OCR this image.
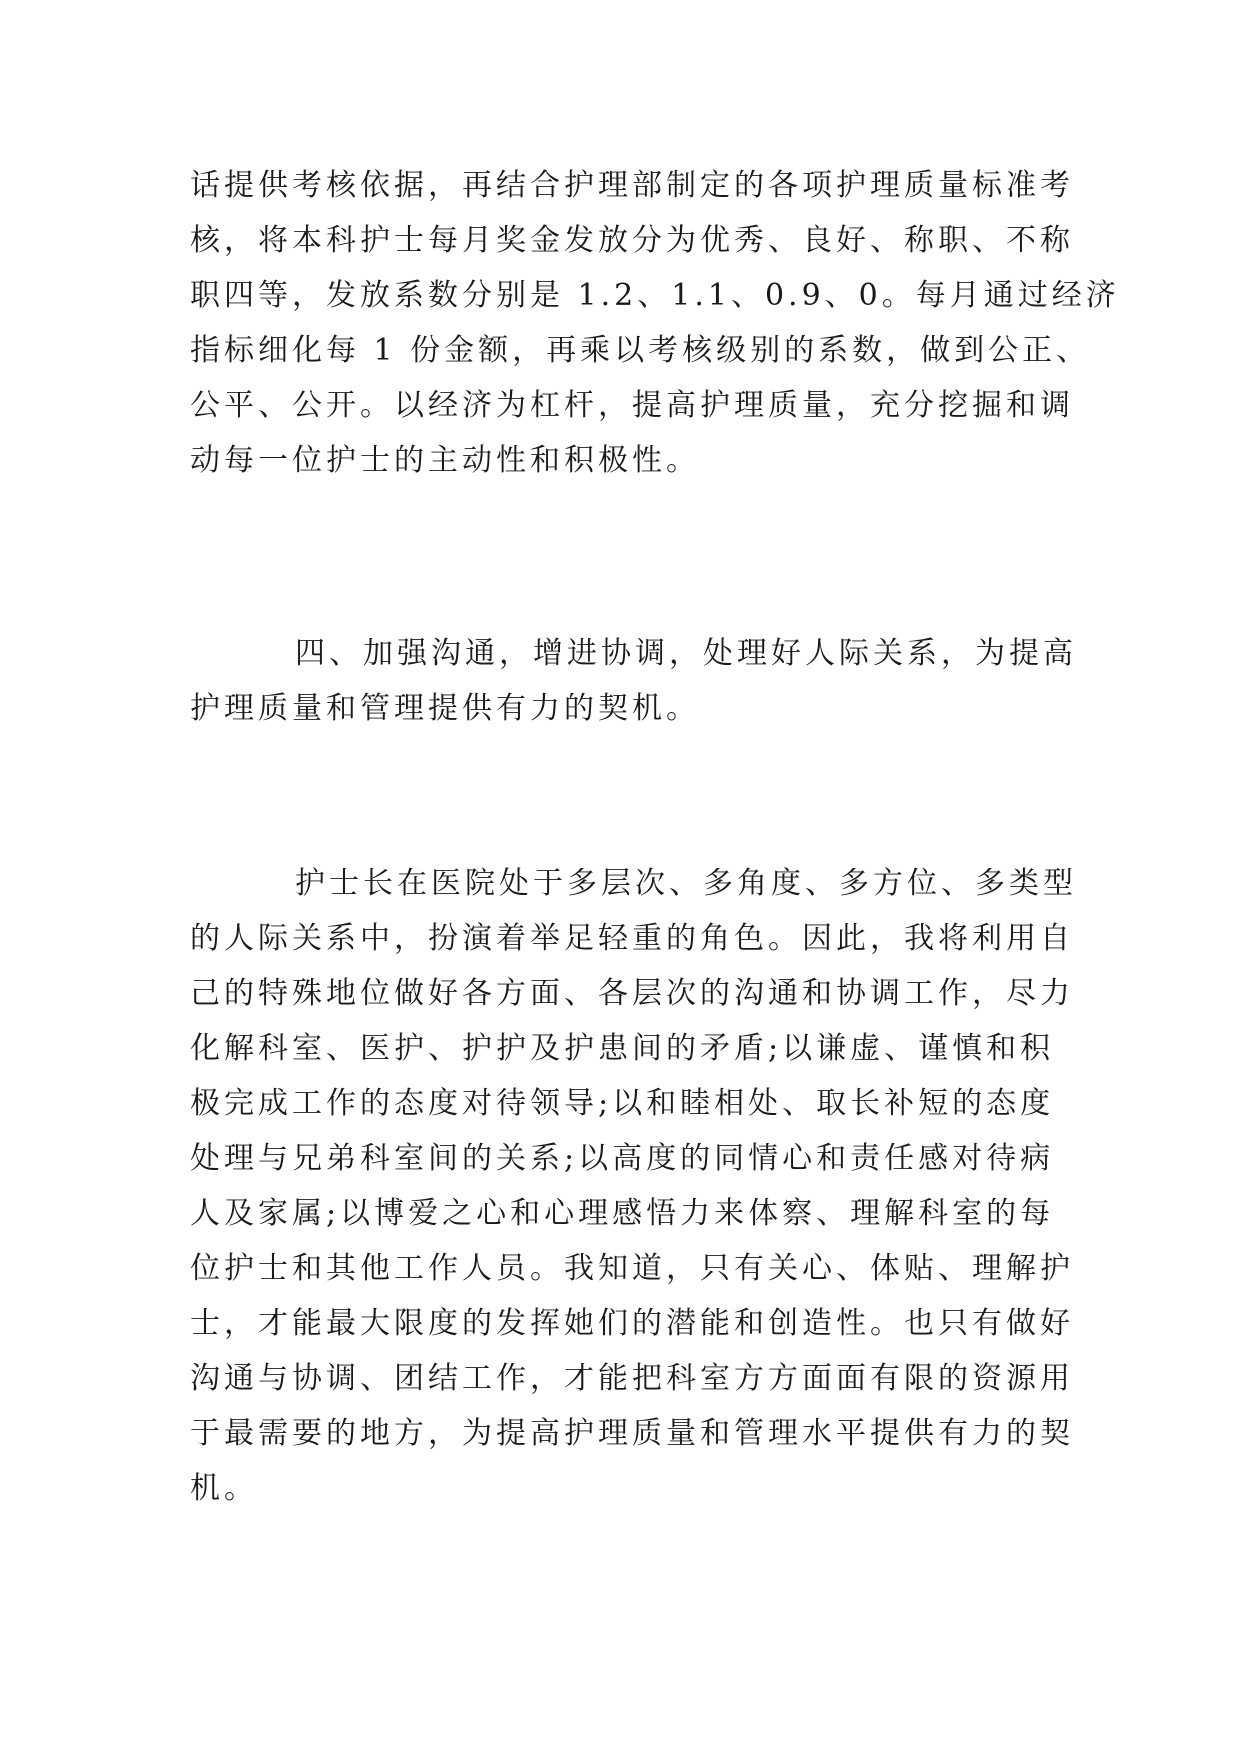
话提供考核依据，再结合护理部制定的各项护理质量标准考
核，将本科护士每月奖金发放分为优秀、良好、称职、不称
职四等，发放系数分别是 1.2、1.1、0.9、0。每月通过经济
指标细化每 1 份金额，再乘以考核级别的系数，做到公正、
公平、公开。以经济为杠杆，提高护理质量，充分挖掘和调
动每一位护士的主动性和积极性。
四、加强沟通，增进协调，处理好人际关系，为提高
护理质量和管理提供有力的契机。
护士长在医院处于多层次、多角度、多方位、多类型
的人际关系中，扮演着举足轻重的角色。因此，我将利用自
己的特殊地位做好各方面、各层次的沟通和协调工作，尽力
化解科室、医护、护护及护患间的矛盾;以谦虚、谨慎和积
极完成工作的态度对待领导;以和睦相处、取长补短的态度
处理与兄弟科室间的关系;以高度的同情心和责任感对待病
人及家属;以博爱之心和心理感悟力来体察、理解科室的每
位护士和其他工作人员。我知道，只有关心、体贴、理解护
士，才能最大限度的发挥她们的潜能和创造性。也只有做好
沟通与协调、团结工作，才能把科室方方面面有限的资源用
于最需要的地方，为提高护理质量和管理水平提供有力的契
机。
